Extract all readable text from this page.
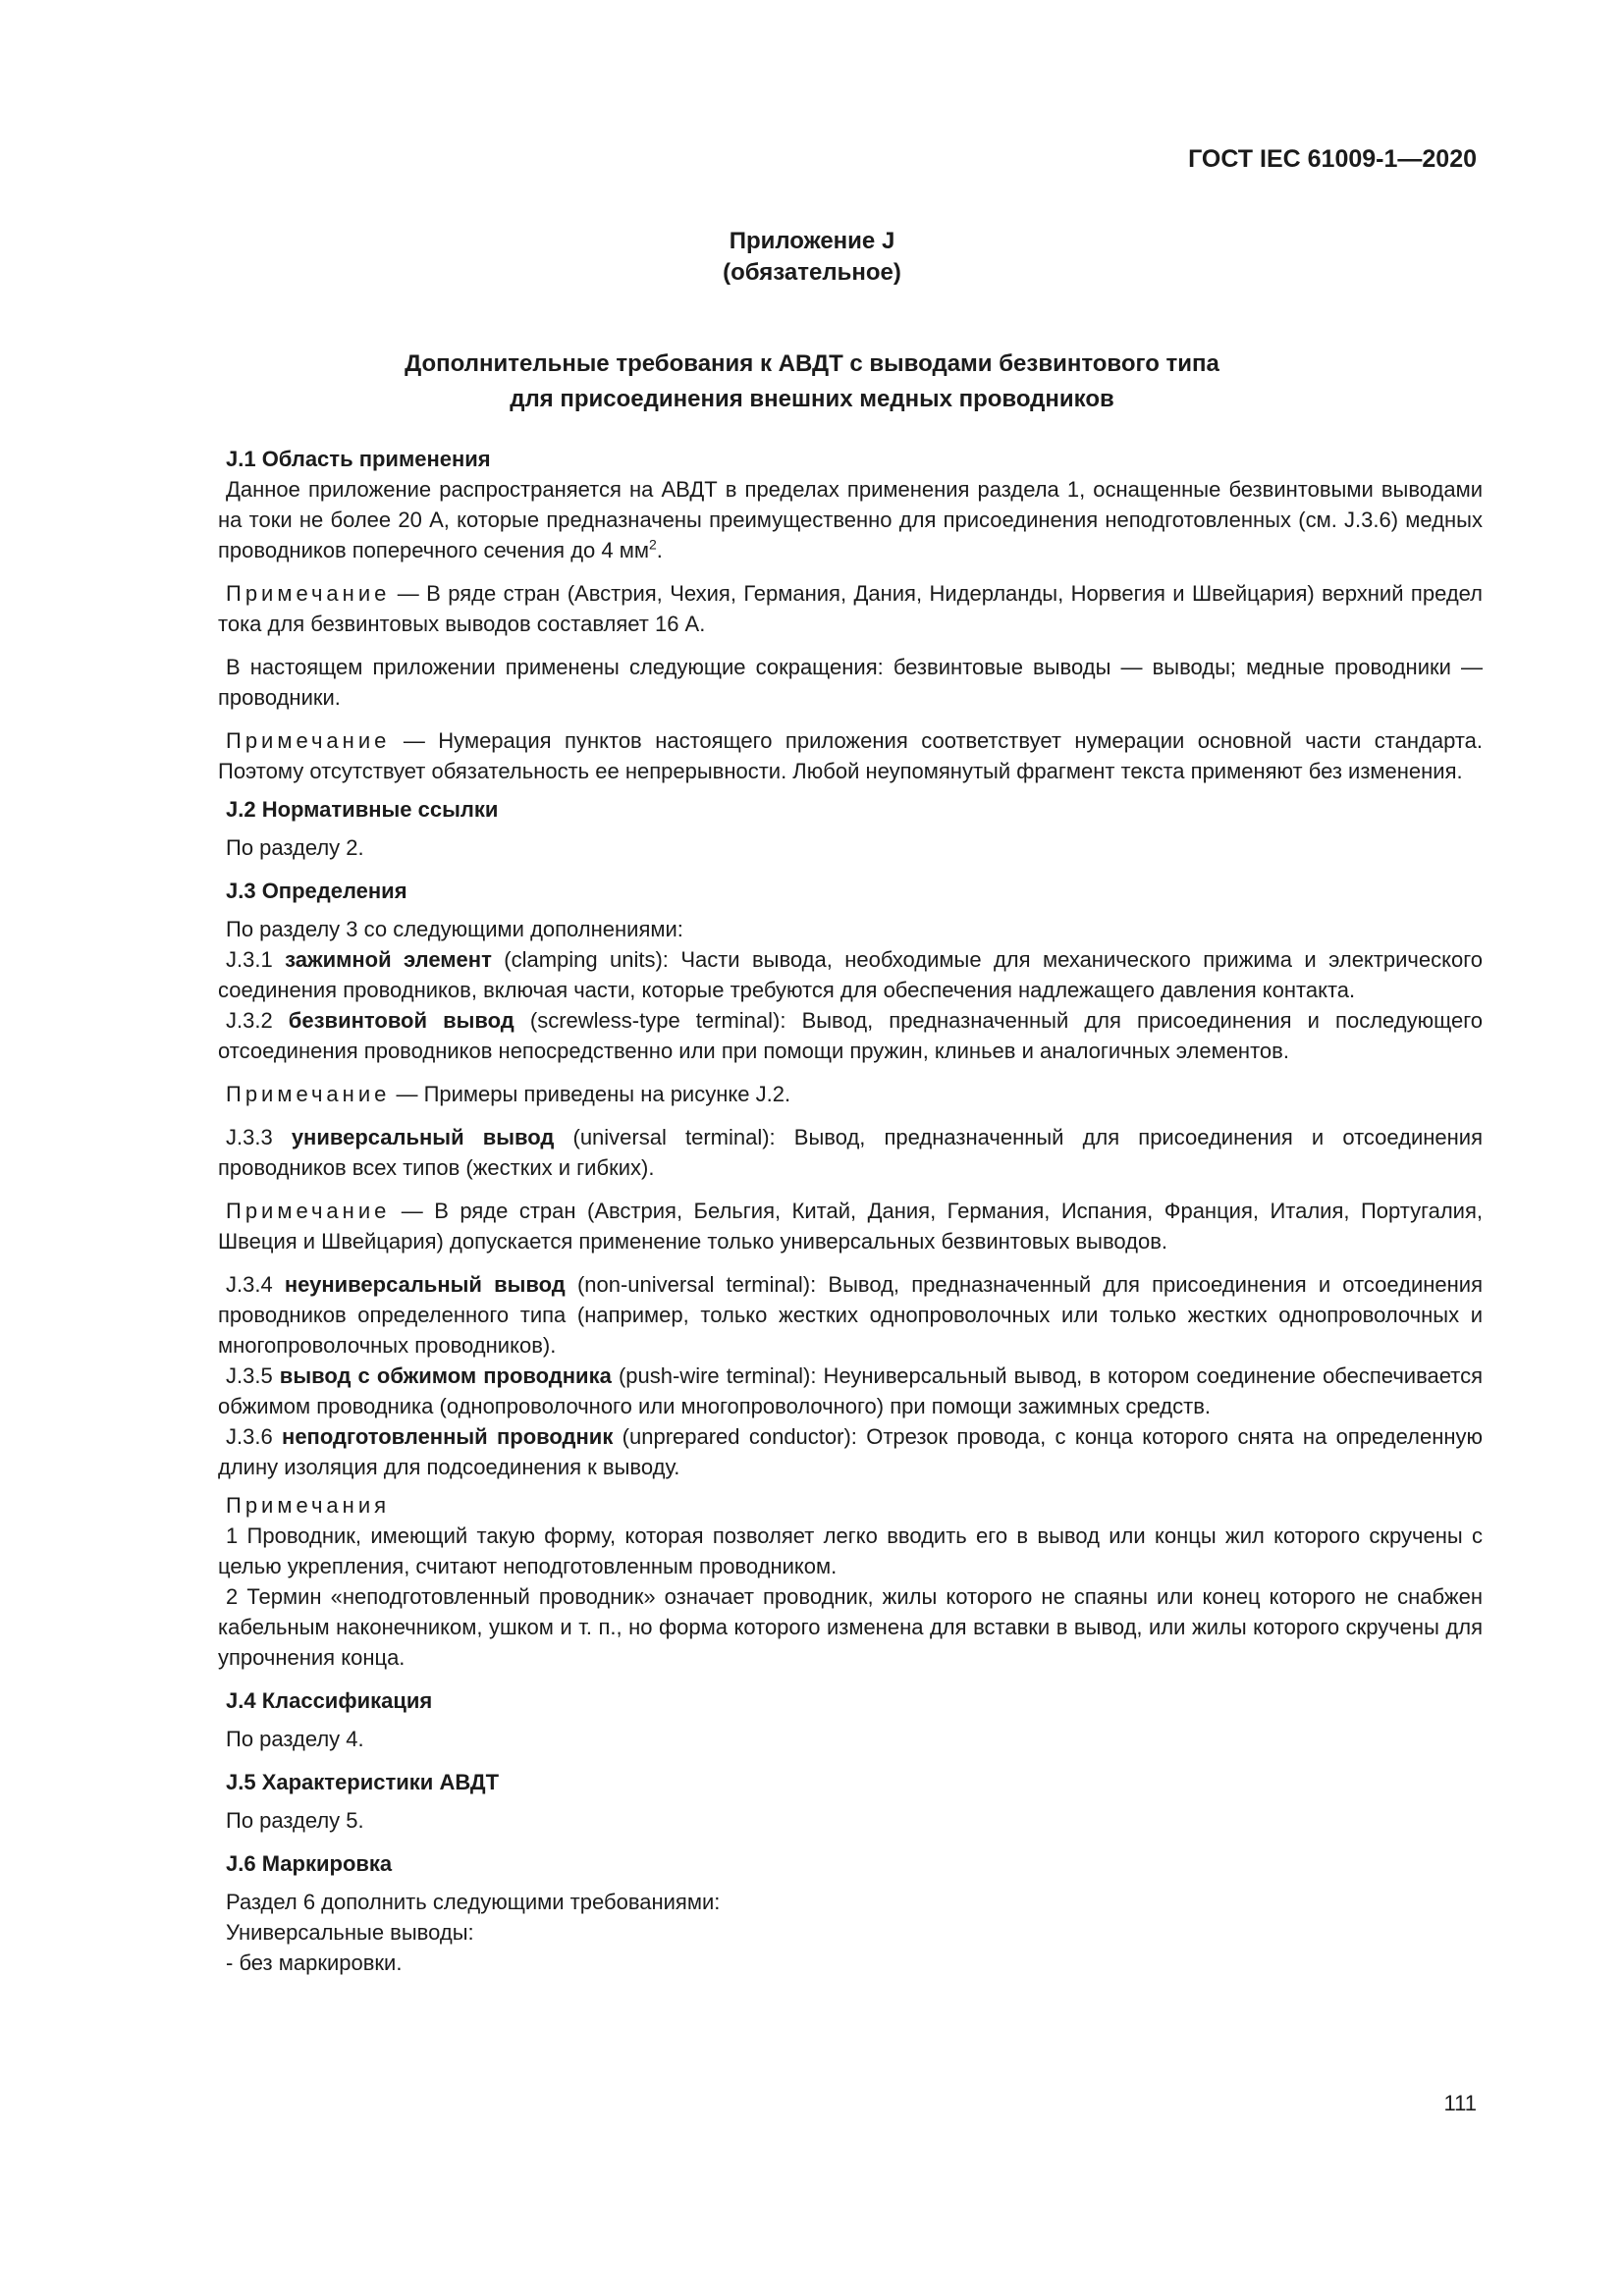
ГОСТ IEC 61009-1—2020
Приложение J
(обязательное)
Дополнительные требования к АВДТ с выводами безвинтового типа
для присоединения внешних медных проводников
J.1 Область применения

Данное приложение распространяется на АВДТ в пределах применения раздела 1, оснащенные безвинтовыми выводами на токи не более 20 А, которые предназначены преимущественно для присоединения неподготовленных (см. J.3.6) медных проводников поперечного сечения до 4 $мм^2$.

Примечание — В ряде стран (Австрия, Чехия, Германия, Дания, Нидерланды, Норвегия и Швейцария) верхний предел тока для безвинтовых выводов составляет 16 А.

В настоящем приложении применены следующие сокращения: безвинтовые выводы — выводы; медные проводники — проводники.

Примечание — Нумерация пунктов настоящего приложения соответствует нумерации основной части стандарта. Поэтому отсутствует обязательность ее непрерывности. Любой неупомянутый фрагмент текста применяют без изменения.

J.2 Нормативные ссылки

По разделу 2.

J.3 Определения

По разделу 3 со следующими дополнениями:

J.3.1 зажимной элемент (clamping units): Части вывода, необходимые для механического прижима и электрического соединения проводников, включая части, которые требуются для обеспечения надлежащего давления контакта.

J.3.2 безвинтовой вывод (screwless-type terminal): Вывод, предназначенный для присоединения и последующего отсоединения проводников непосредственно или при помощи пружин, клиньев и аналогичных элементов.

Примечание — Примеры приведены на рисунке J.2.

J.3.3 универсальный вывод (universal terminal): Вывод, предназначенный для присоединения и отсоединения проводников всех типов (жестких и гибких).

Примечание — В ряде стран (Австрия, Бельгия, Китай, Дания, Германия, Испания, Франция, Италия, Португалия, Швеция и Швейцария) допускается применение только универсальных безвинтовых выводов.

J.3.4 неуниверсальный вывод (non-universal terminal): Вывод, предназначенный для присоединения и отсоединения проводников определенного типа (например, только жестких однопроволочных или только жестких однопроволочных и многопроволочных проводников).

J.3.5 вывод с обжимом проводника (push-wire terminal): Неуниверсальный вывод, в котором соединение обеспечивается обжимом проводника (однопроволочного или многопроволочного) при помощи зажимных средств.

J.3.6 неподготовленный проводник (unprepared conductor): Отрезок провода, с конца которого снята на определенную длину изоляция для подсоединения к выводу.

Примечания

1 Проводник, имеющий такую форму, которая позволяет легко вводить его в вывод или концы жил которого скручены с целью укрепления, считают неподготовленным проводником.

2 Термин «неподготовленный проводник» означает проводник, жилы которого не спаяны или конец которого не снабжен кабельным наконечником, ушком и т. п., но форма которого изменена для вставки в вывод, или жилы которого скручены для упрочнения конца.

J.4 Классификация

По разделу 4.

J.5 Характеристики АВДТ

По разделу 5.

J.6 Маркировка

Раздел 6 дополнить следующими требованиями:

Универсальные выводы:

- без маркировки.

111
